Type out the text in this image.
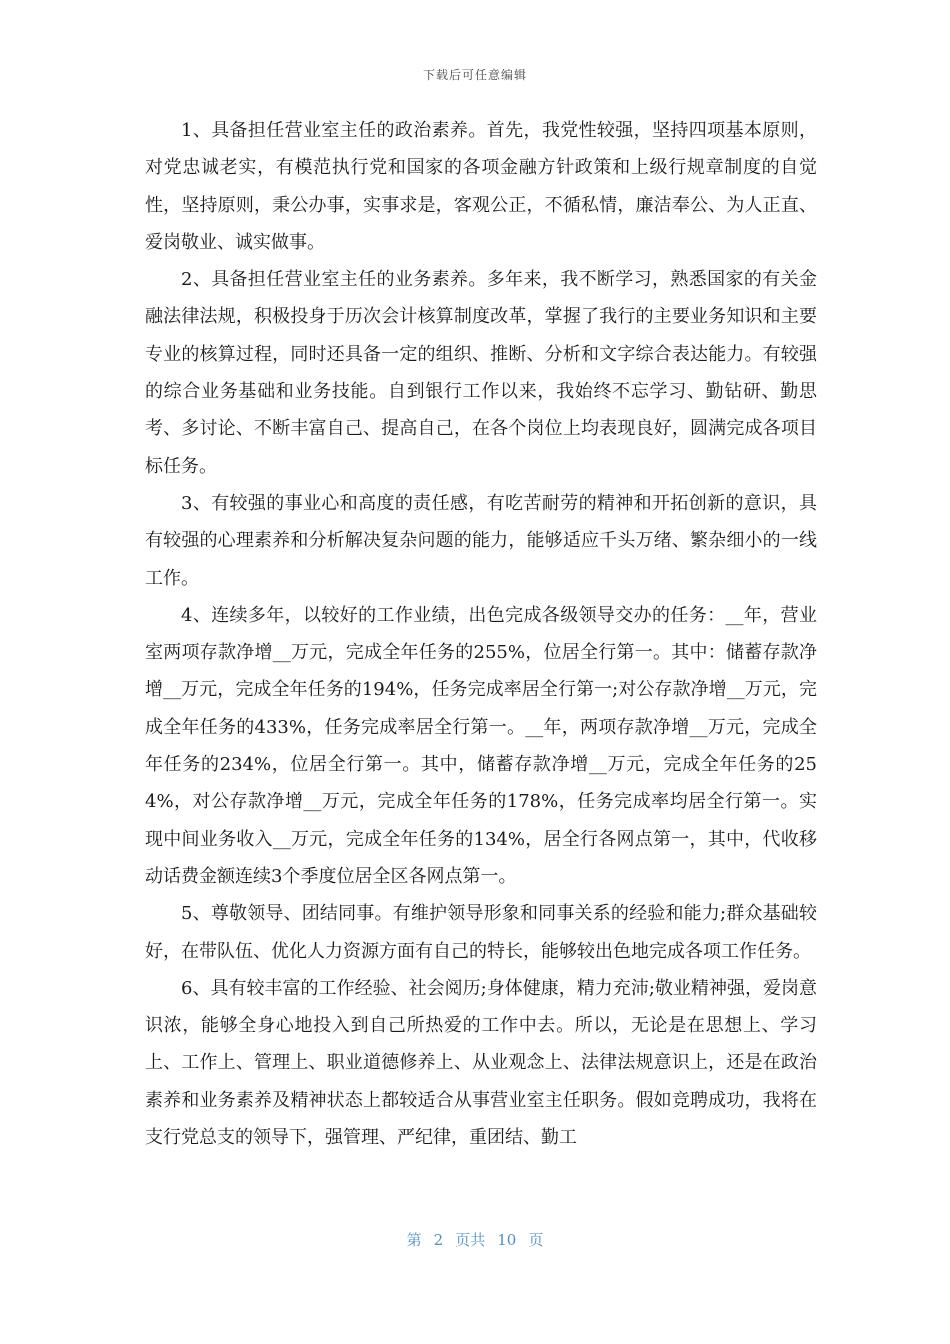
下载后可任意编辑

1、具备担任营业室主任的政治素养。首先，我党性较强，坚持四项基本原则，对党忠诚老实，有模范执行党和国家的各项金融方针政策和上级行规章制度的自觉性，坚持原则，秉公办事，实事求是，客观公正，不循私情，廉洁奉公、为人正直、爱岗敬业、诚实做事。

2、具备担任营业室主任的业务素养。多年来，我不断学习，熟悉国家的有关金融法律法规，积极投身于历次会计核算制度改革，掌握了我行的主要业务知识和主要专业的核算过程，同时还具备一定的组织、推断、分析和文字综合表达能力。有较强的综合业务基础和业务技能。自到银行工作以来，我始终不忘学习、勤钻研、勤思考、多讨论、不断丰富自己、提高自己，在各个岗位上均表现良好，圆满完成各项目标任务。

3、有较强的事业心和高度的责任感，有吃苦耐劳的精神和开拓创新的意识，具有较强的心理素养和分析解决复杂问题的能力，能够适应千头万绪、繁杂细小的一线工作。

4、连续多年，以较好的工作业绩，出色完成各级领导交办的任务：__年，营业室两项存款净增__万元，完成全年任务的255%，位居全行第一。其中：储蓄存款净增__万元，完成全年任务的194%，任务完成率居全行第一;对公存款净增__万元，完成全年任务的433%，任务完成率居全行第一。__年，两项存款净增__万元，完成全年任务的234%，位居全行第一。其中，储蓄存款净增__万元，完成全年任务的254%，对公存款净增__万元，完成全年任务的178%，任务完成率均居全行第一。实现中间业务收入__万元，完成全年任务的134%，居全行各网点第一，其中，代收移动话费金额连续3个季度位居全区各网点第一。

5、尊敬领导、团结同事。有维护领导形象和同事关系的经验和能力;群众基础较好，在带队伍、优化人力资源方面有自己的特长，能够较出色地完成各项工作任务。

6、具有较丰富的工作经验、社会阅历;身体健康，精力充沛;敬业精神强，爱岗意识浓，能够全身心地投入到自己所热爱的工作中去。所以，无论是在思想上、学习上、工作上、管理上、职业道德修养上、从业观念上、法律法规意识上，还是在政治素养和业务素养及精神状态上都较适合从事营业室主任职务。假如竞聘成功，我将在支行党总支的领导下，强管理、严纪律，重团结、勤工

第 2 页共 10 页
